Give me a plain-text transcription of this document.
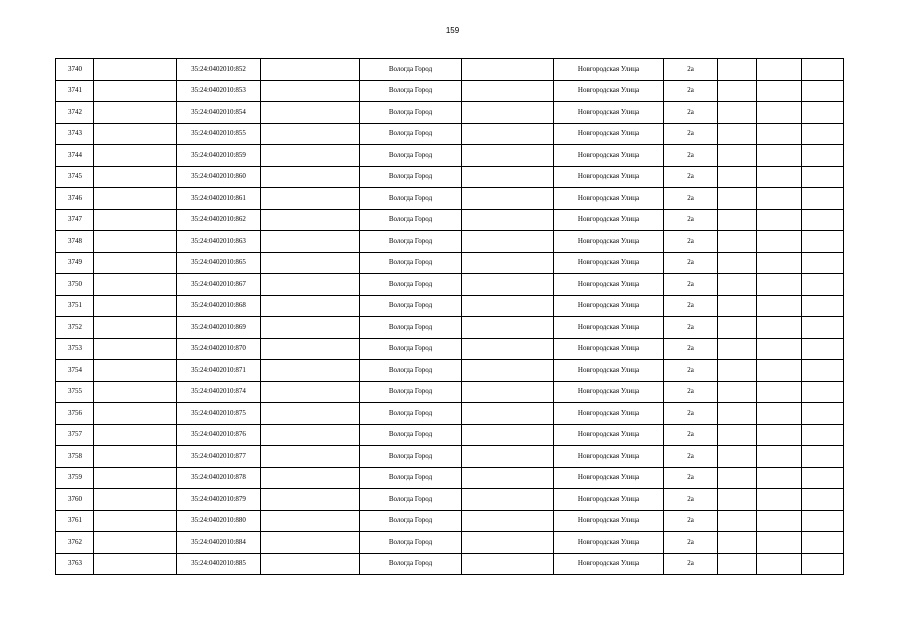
159
3740		35:24:0402010:852		Вологда Город		Новгородская Улица	2а			
3741		35:24:0402010:853		Вологда Город		Новгородская Улица	2а			
3742		35:24:0402010:854		Вологда Город		Новгородская Улица	2а			
3743		35:24:0402010:855		Вологда Город		Новгородская Улица	2а			
3744		35:24:0402010:859		Вологда Город		Новгородская Улица	2а			
3745		35:24:0402010:860		Вологда Город		Новгородская Улица	2а			
3746		35:24:0402010:861		Вологда Город		Новгородская Улица	2а			
3747		35:24:0402010:862		Вологда Город		Новгородская Улица	2а			
3748		35:24:0402010:863		Вологда Город		Новгородская Улица	2а			
3749		35:24:0402010:865		Вологда Город		Новгородская Улица	2а			
3750		35:24:0402010:867		Вологда Город		Новгородская Улица	2а			
3751		35:24:0402010:868		Вологда Город		Новгородская Улица	2а			
3752		35:24:0402010:869		Вологда Город		Новгородская Улица	2а			
3753		35:24:0402010:870		Вологда Город		Новгородская Улица	2а			
3754		35:24:0402010:871		Вологда Город		Новгородская Улица	2а			
3755		35:24:0402010:874		Вологда Город		Новгородская Улица	2а			
3756		35:24:0402010:875		Вологда Город		Новгородская Улица	2а			
3757		35:24:0402010:876		Вологда Город		Новгородская Улица	2а			
3758		35:24:0402010:877		Вологда Город		Новгородская Улица	2а			
3759		35:24:0402010:878		Вологда Город		Новгородская Улица	2а			
3760		35:24:0402010:879		Вологда Город		Новгородская Улица	2а			
3761		35:24:0402010:880		Вологда Город		Новгородская Улица	2а			
3762		35:24:0402010:884		Вологда Город		Новгородская Улица	2а			
3763		35:24:0402010:885		Вологда Город		Новгородская Улица	2а			
